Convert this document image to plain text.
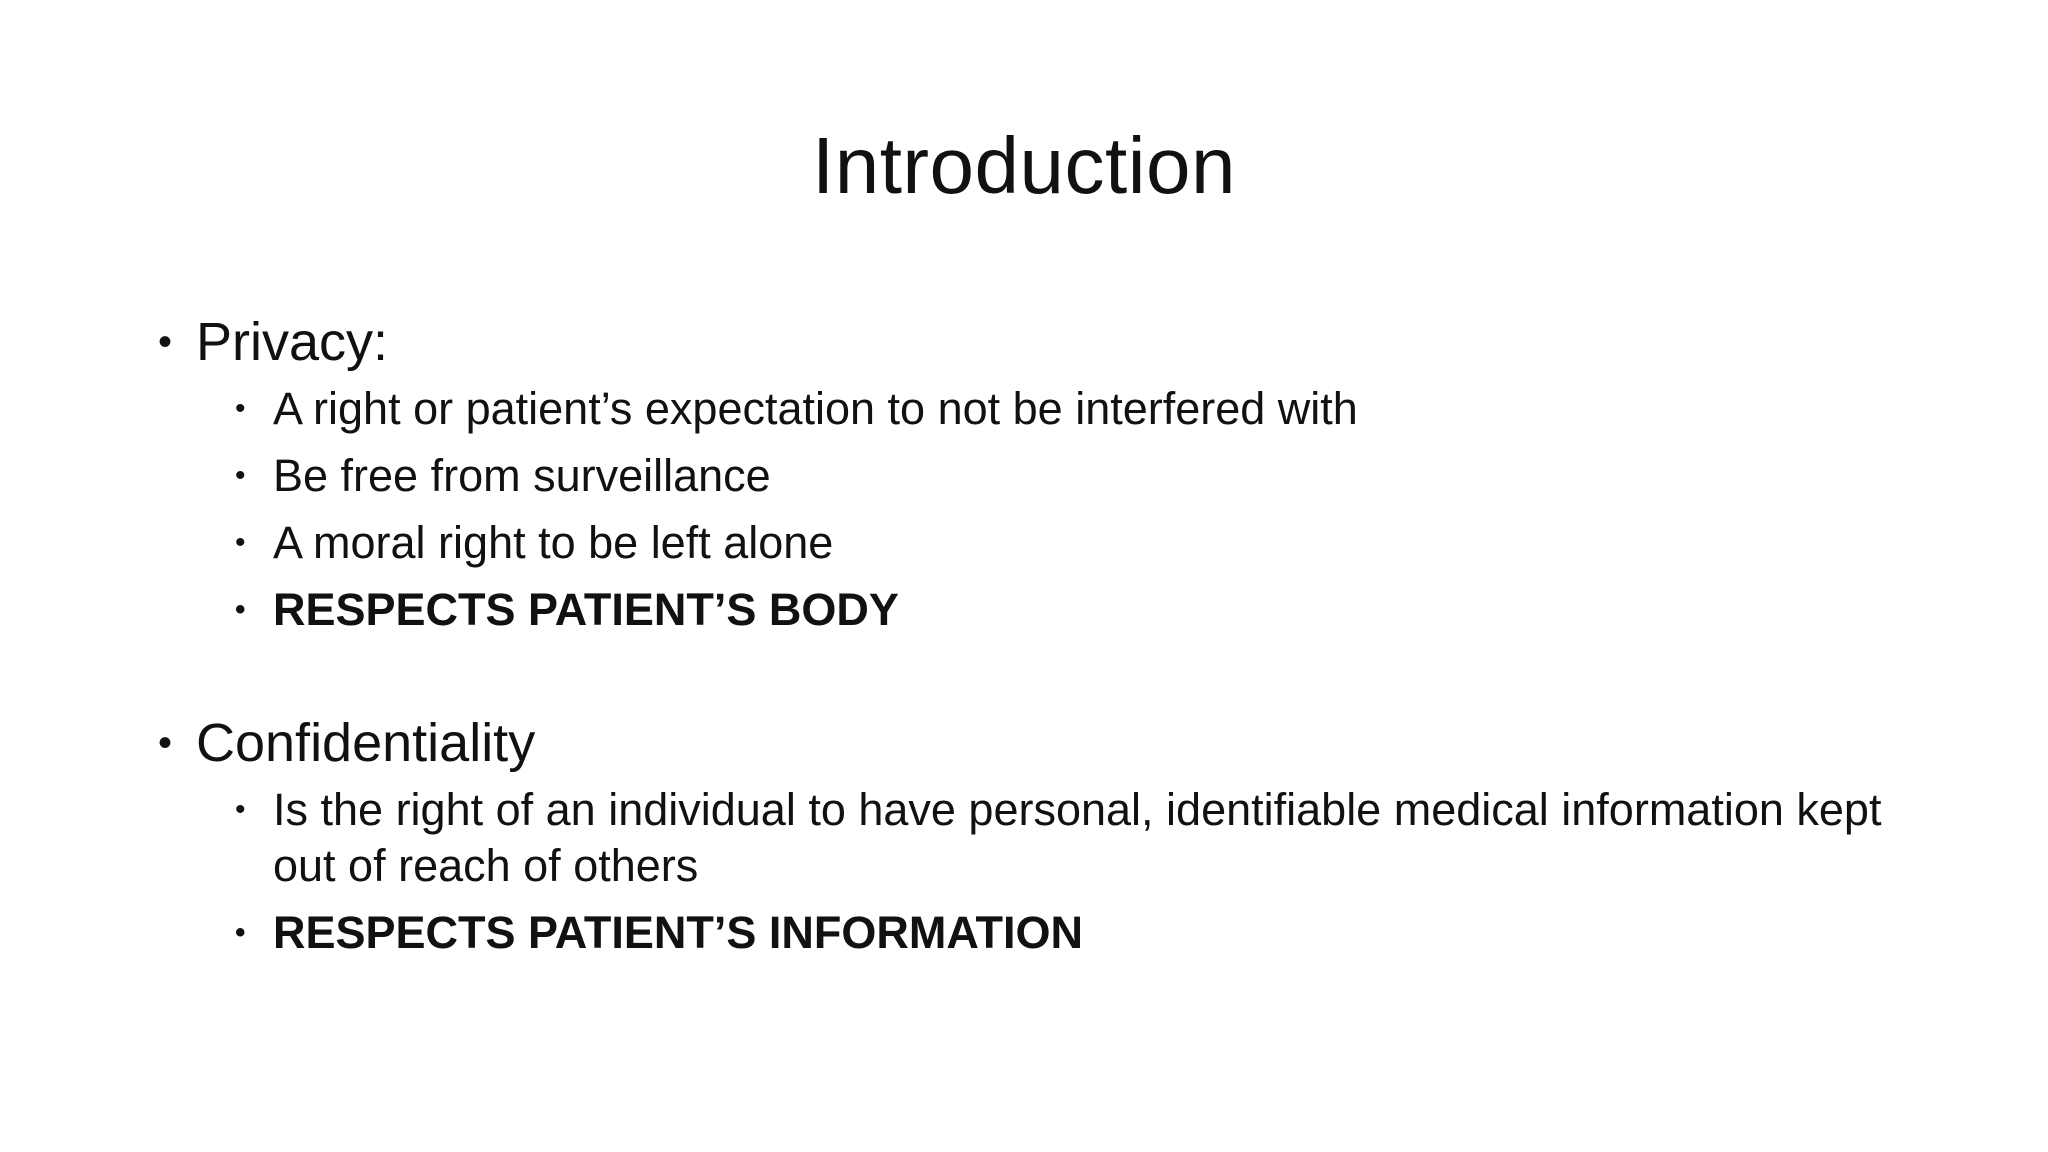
Introduction
• Privacy:
• A right or patient’s expectation to not be interfered with
• Be free from surveillance
• A moral right to be left alone
• RESPECTS PATIENT’S BODY
• Confidentiality
• Is the right of an individual to have personal, identifiable medical information kept out of reach of others
• RESPECTS PATIENT’S INFORMATION
